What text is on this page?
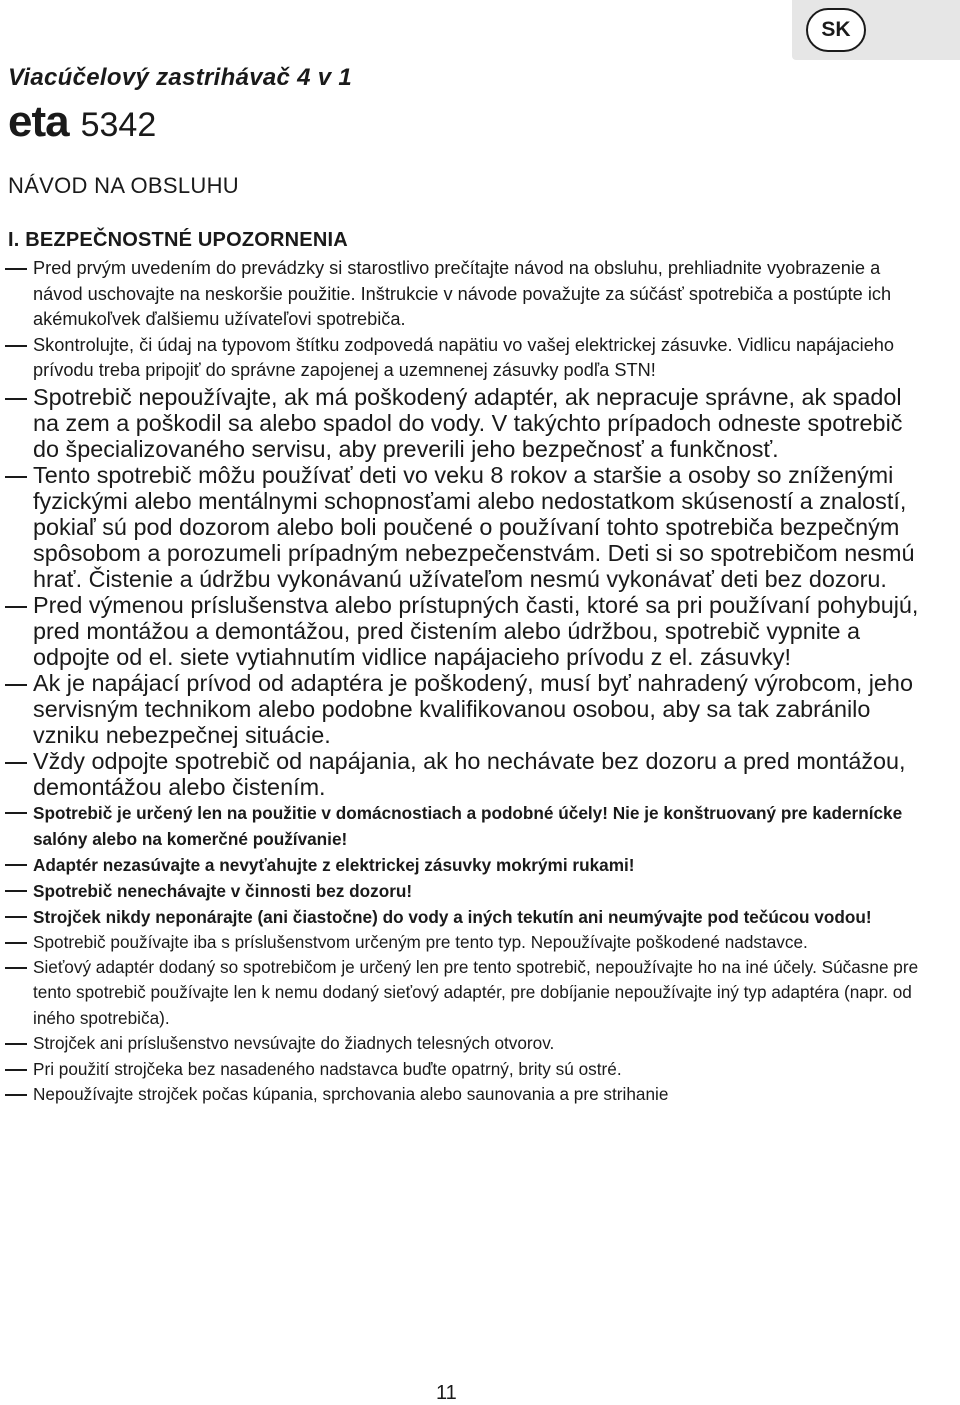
SK
Viacúčelový zastrihávač 4 v 1
eta 5342
NÁVOD NA OBSLUHU
I. BEZPEČNOSTNÉ UPOZORNENIA
Pred prvým uvedením do prevádzky si starostlivo prečítajte návod na obsluhu, prehliadnite vyobrazenie a návod uschovajte na neskoršie použitie. Inštrukcie v návode považujte za súčásť spotrebiča a postúpte ich akémukoľvek ďalšiemu užívateľovi spotrebiča.
Skontrolujte, či údaj na typovom štítku zodpovedá napätiu vo vašej elektrickej zásuvke. Vidlicu napájacieho prívodu treba pripojiť do správne zapojenej a uzemnenej zásuvky podľa STN!
Spotrebič nepoužívajte, ak má poškodený adaptér, ak nepracuje správne, ak spadol na zem a poškodil sa alebo spadol do vody. V takýchto prípadoch odneste spotrebič do špecializovaného servisu, aby preverili jeho bezpečnosť a funkčnosť.
Tento spotrebič môžu používať deti vo veku 8 rokov a staršie a osoby so zníženými fyzickými alebo mentálnymi schopnosťami alebo nedostatkom skúseností a znalostí, pokiaľ sú pod dozorom alebo boli poučené o používaní tohto spotrebiča bezpečným spôsobom a porozumeli prípadným nebezpečenstvám. Deti si so spotrebičom nesmú hrať. Čistenie a údržbu vykonávanú užívateľom nesmú vykonávať deti bez dozoru.
Pred výmenou príslušenstva alebo prístupných časti, ktoré sa pri používaní pohybujú, pred montážou a demontážou, pred čistením alebo údržbou, spotrebič vypnite a odpojte od el. siete vytiahnutím vidlice napájacieho prívodu z el. zásuvky!
Ak je napájací prívod od adaptéra je poškodený, musí byť nahradený výrobcom, jeho servisným technikom alebo podobne kvalifikovanou osobou, aby sa tak zabránilo vzniku nebezpečnej situácie.
Vždy odpojte spotrebič od napájania, ak ho nechávate bez dozoru a pred montážou, demontážou alebo čistením.
Spotrebič je určený len na použitie v domácnostiach a podobné účely! Nie je konštruovaný pre kadernícke salóny alebo na komerčné používanie!
Adaptér nezasúvajte a nevyťahujte z elektrickej zásuvky mokrými rukami!
Spotrebič nenechávajte v činnosti bez dozoru!
Strojček nikdy neponárajte (ani čiastočne) do vody a iných tekutín ani neumývajte pod tečúcou vodou!
Spotrebič používajte iba s príslušenstvom určeným pre tento typ. Nepoužívajte poškodené nadstavce.
Sieťový adaptér dodaný so spotrebičom je určený len pre tento spotrebič, nepoužívajte ho na iné účely. Súčasne pre tento spotrebič používajte len k nemu dodaný sieťový adaptér, pre dobíjanie nepoužívajte iný typ adaptéra (napr. od iného spotrebiča).
Strojček ani príslušenstvo nevsúvajte do žiadnych telesných otvorov.
Pri použití strojčeka bez nasadeného nadstavca buďte opatrný, brity sú ostré.
Nepoužívajte strojček počas kúpania, sprchovania alebo saunovania a pre strihanie
11
